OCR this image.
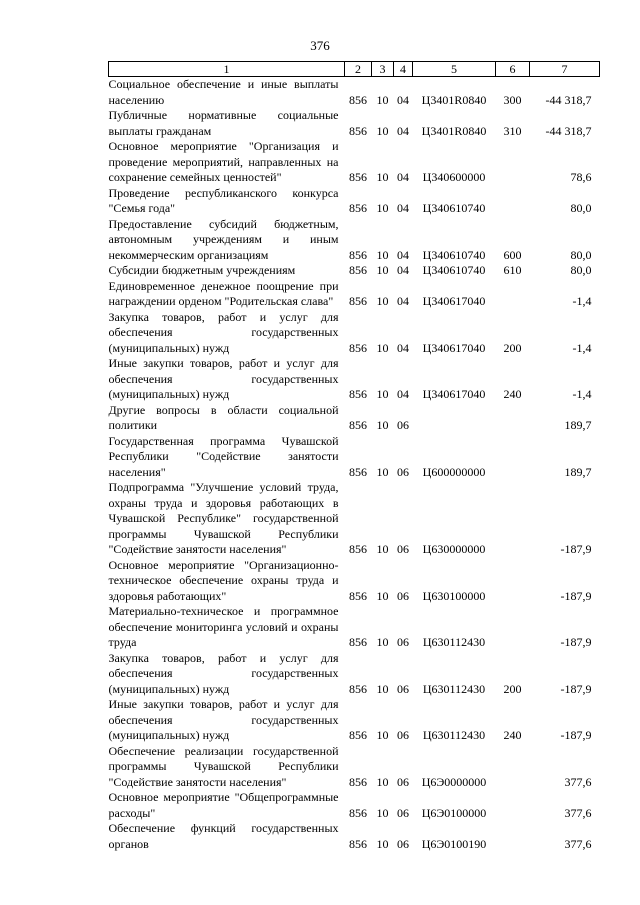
376
1	2	3	4	5	6	7
Социальное обеспечение и иные выплаты населению	856	10	04	Ц3401R0840	300	-44 318,7
Публичные нормативные социальные выплаты гражданам	856	10	04	Ц3401R0840	310	-44 318,7
Основное мероприятие "Организация и проведение мероприятий, направленных на сохранение семейных ценностей"	856	10	04	Ц340600000		78,6
Проведение республиканского конкурса "Семья года"	856	10	04	Ц340610740		80,0
Предоставление субсидий бюджетным, автономным учреждениям и иным некоммерческим организациям	856	10	04	Ц340610740	600	80,0
Субсидии бюджетным учреждениям	856	10	04	Ц340610740	610	80,0
Единовременное денежное поощрение при награждении орденом "Родительская слава"	856	10	04	Ц340617040		-1,4
Закупка товаров, работ и услуг для обеспечения государственных (муниципальных) нужд	856	10	04	Ц340617040	200	-1,4
Иные закупки товаров, работ и услуг для обеспечения государственных (муниципальных) нужд	856	10	04	Ц340617040	240	-1,4
Другие вопросы в области социальной политики	856	10	06			189,7
Государственная программа Чувашской Республики "Содействие занятости населения"	856	10	06	Ц600000000		189,7
Подпрограмма "Улучшение условий труда, охраны труда и здоровья работающих в Чувашской Республике" государственной программы Чувашской Республики "Содействие занятости населения"	856	10	06	Ц630000000		-187,9
Основное мероприятие "Организационно-техническое обеспечение охраны труда и здоровья работающих"	856	10	06	Ц630100000		-187,9
Материально-техническое и программное обеспечение мониторинга условий и охраны труда	856	10	06	Ц630112430		-187,9
Закупка товаров, работ и услуг для обеспечения государственных (муниципальных) нужд	856	10	06	Ц630112430	200	-187,9
Иные закупки товаров, работ и услуг для обеспечения государственных (муниципальных) нужд	856	10	06	Ц630112430	240	-187,9
Обеспечение реализации государственной программы Чувашской Республики "Содействие занятости населения"	856	10	06	Ц6Э0000000		377,6
Основное мероприятие "Общепрограммные расходы"	856	10	06	Ц6Э0100000		377,6
Обеспечение функций государственных органов	856	10	06	Ц6Э0100190		377,6
